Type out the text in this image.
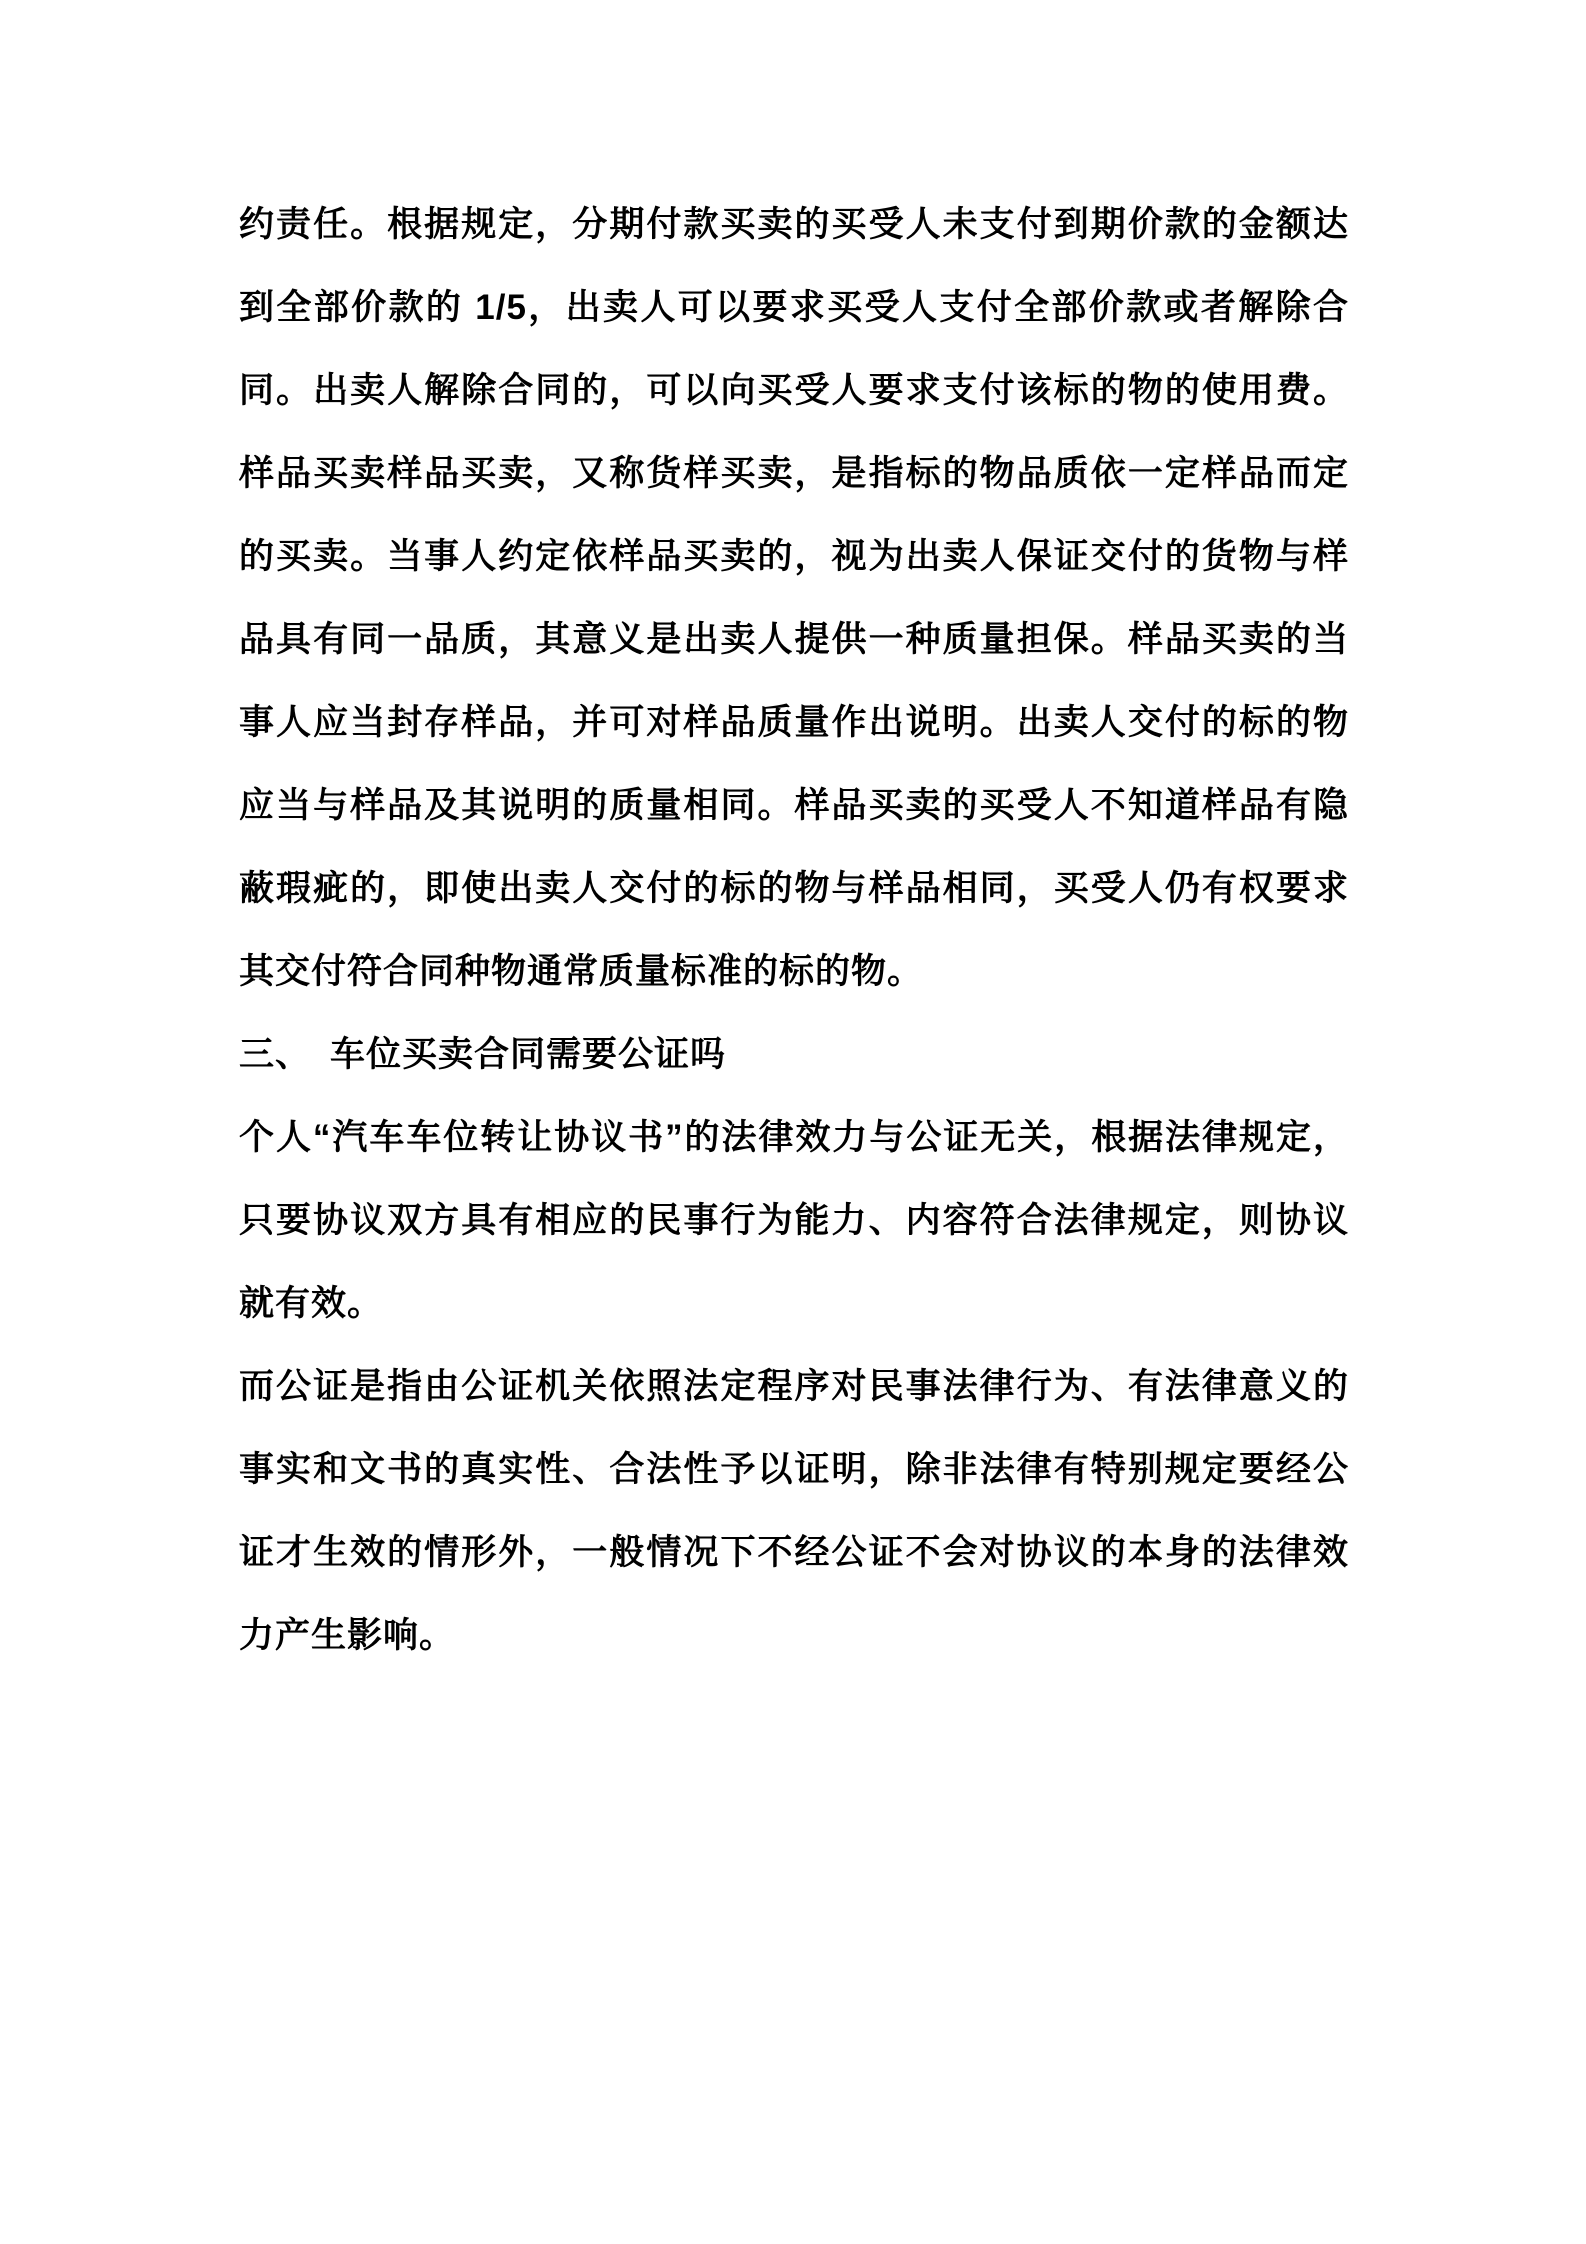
约责任。根据规定，分期付款买卖的买受人未支付到期价款的金额达
到全部价款的 1/5，出卖人可以要求买受人支付全部价款或者解除合
同。出卖人解除合同的，可以向买受人要求支付该标的物的使用费。
样品买卖样品买卖，又称货样买卖，是指标的物品质依一定样品而定
的买卖。当事人约定依样品买卖的，视为出卖人保证交付的货物与样
品具有同一品质，其意义是出卖人提供一种质量担保。样品买卖的当
事人应当封存样品，并可对样品质量作出说明。出卖人交付的标的物
应当与样品及其说明的质量相同。样品买卖的买受人不知道样品有隐
蔽瑕疵的，即使出卖人交付的标的物与样品相同，买受人仍有权要求
其交付符合同种物通常质量标准的标的物。
三、 车位买卖合同需要公证吗
个人“汽车车位转让协议书”的法律效力与公证无关，根据法律规定，
只要协议双方具有相应的民事行为能力、内容符合法律规定，则协议
就有效。
而公证是指由公证机关依照法定程序对民事法律行为、有法律意义的
事实和文书的真实性、合法性予以证明，除非法律有特别规定要经公
证才生效的情形外，一般情况下不经公证不会对协议的本身的法律效
力产生影响。
